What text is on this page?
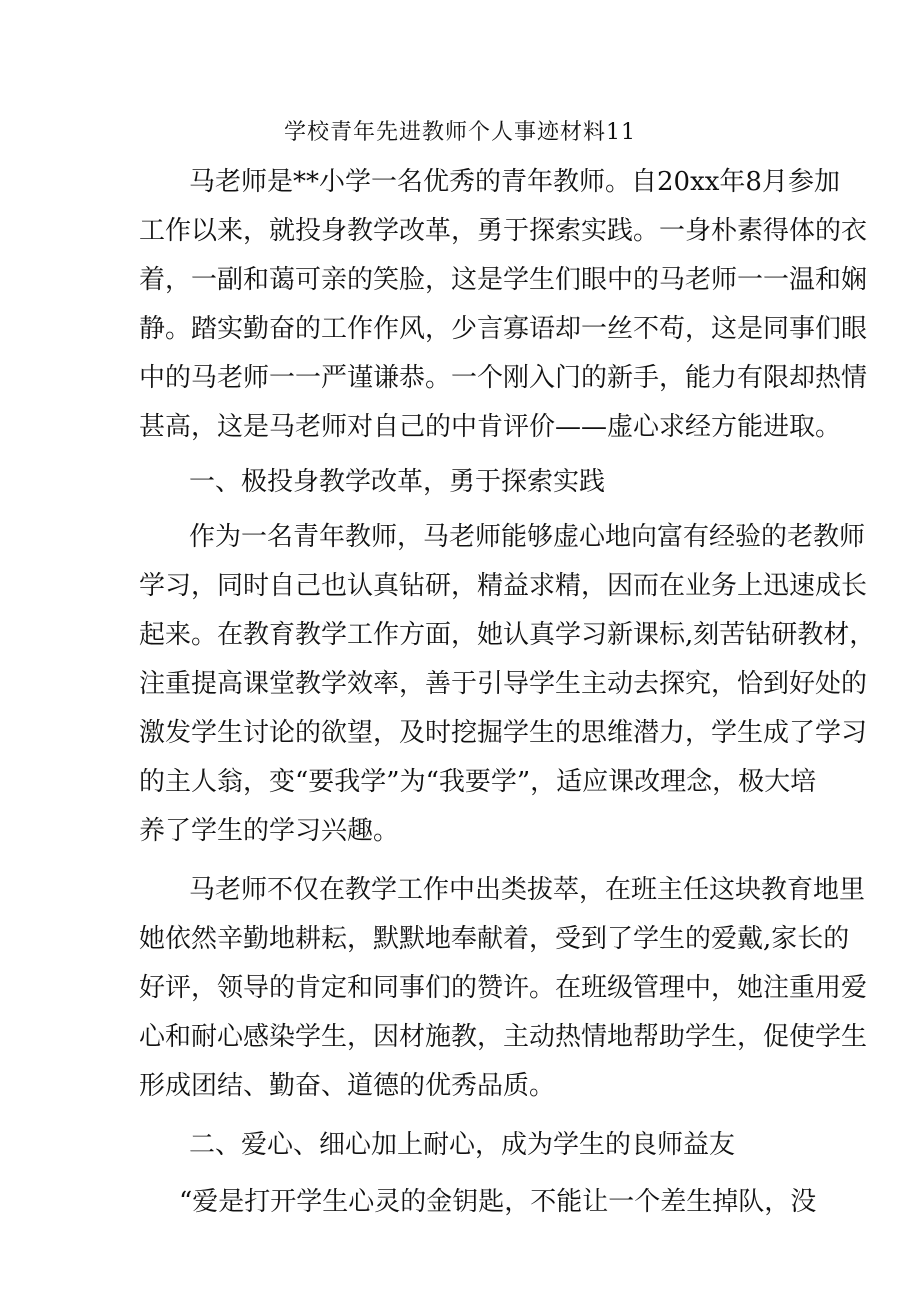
学校青年先进教师个人事迹材料11
马老师是**小学一名优秀的青年教师。自20xx年8月参加
工作以来，就投身教学改革，勇于探索实践。一身朴素得体的衣
着，一副和蔼可亲的笑脸，这是学生们眼中的马老师一一温和娴
静。踏实勤奋的工作作风，少言寡语却一丝不苟，这是同事们眼
中的马老师一一严谨谦恭。一个刚入门的新手，能力有限却热情
甚高，这是马老师对自己的中肯评价——虚心求经方能进取。
一、极投身教学改革，勇于探索实践
作为一名青年教师，马老师能够虚心地向富有经验的老教师
学习，同时自己也认真钻研，精益求精，因而在业务上迅速成长
起来。在教育教学工作方面，她认真学习新课标,刻苦钻研教材，
注重提高课堂教学效率，善于引导学生主动去探究，恰到好处的
激发学生讨论的欲望，及时挖掘学生的思维潜力，学生成了学习
的主人翁，变“要我学”为“我要学”，适应课改理念，极大培
养了学生的学习兴趣。
马老师不仅在教学工作中出类拔萃，在班主任这块教育地里
她依然辛勤地耕耘，默默地奉献着，受到了学生的爱戴,家长的
好评，领导的肯定和同事们的赞许。在班级管理中，她注重用爱
心和耐心感染学生，因材施教，主动热情地帮助学生，促使学生
形成团结、勤奋、道德的优秀品质。
二、爱心、细心加上耐心，成为学生的良师益友
“爱是打开学生心灵的金钥匙，不能让一个差生掉队，没
